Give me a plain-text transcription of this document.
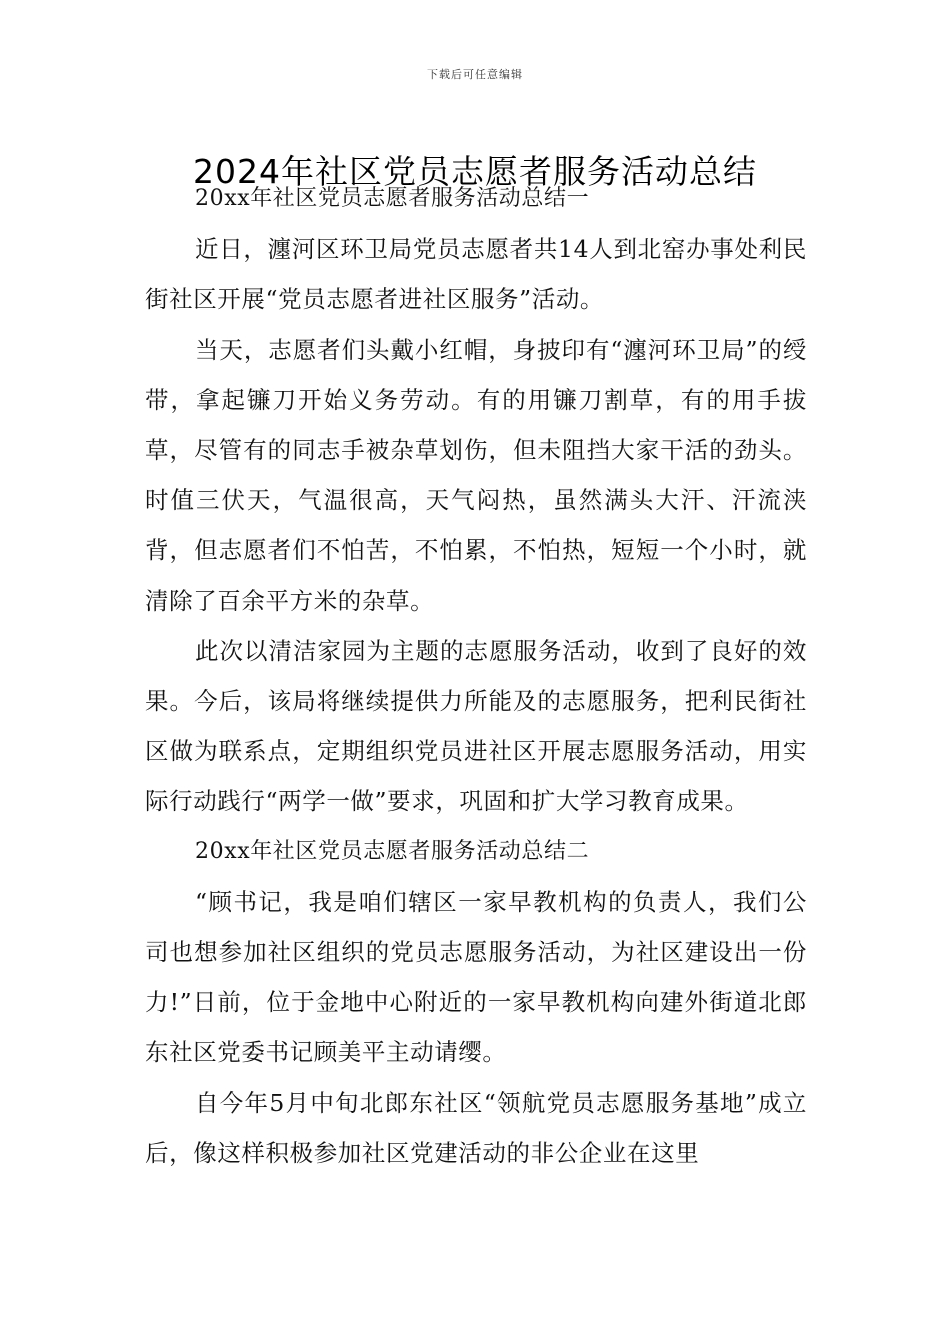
下载后可任意编辑
2024年社区党员志愿者服务活动总结

20xx年社区党员志愿者服务活动总结一

近日，瀍河区环卫局党员志愿者共14人到北窑办事处利民街社区开展“党员志愿者进社区服务”活动。

当天，志愿者们头戴小红帽，身披印有“瀍河环卫局”的绶带，拿起镰刀开始义务劳动。有的用镰刀割草，有的用手拔草，尽管有的同志手被杂草划伤，但未阻挡大家干活的劲头。时值三伏天，气温很高，天气闷热，虽然满头大汗、汗流浃背，但志愿者们不怕苦，不怕累，不怕热，短短一个小时，就清除了百余平方米的杂草。

此次以清洁家园为主题的志愿服务活动，收到了良好的效果。今后，该局将继续提供力所能及的志愿服务，把利民街社区做为联系点，定期组织党员进社区开展志愿服务活动，用实际行动践行“两学一做”要求，巩固和扩大学习教育成果。

20xx年社区党员志愿者服务活动总结二

“顾书记，我是咱们辖区一家早教机构的负责人，我们公司也想参加社区组织的党员志愿服务活动，为社区建设出一份力!”日前，位于金地中心附近的一家早教机构向建外街道北郎东社区党委书记顾美平主动请缨。

自今年5月中旬北郎东社区“领航党员志愿服务基地”成立后，像这样积极参加社区党建活动的非公企业在这里
